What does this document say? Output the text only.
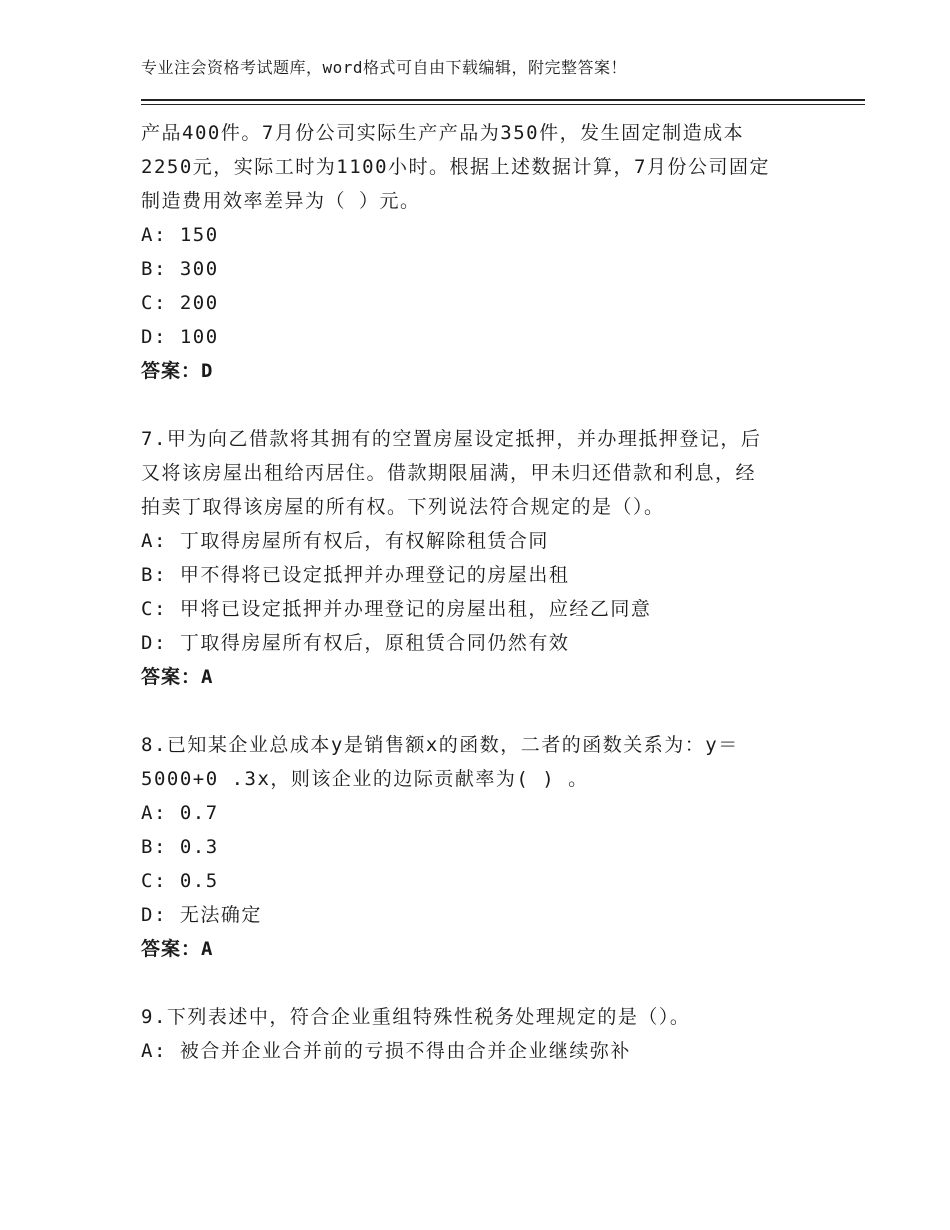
专业注会资格考试题库，word格式可自由下载编辑，附完整答案！
产品400件。7月份公司实际生产产品为350件，发生固定制造成本
2250元，实际工时为1100小时。根据上述数据计算，7月份公司固定
制造费用效率差异为（ ）元。
A: 150
B: 300
C: 200
D: 100
答案：D
7.甲为向乙借款将其拥有的空置房屋设定抵押，并办理抵押登记，后
又将该房屋出租给丙居住。借款期限届满，甲未归还借款和利息，经
拍卖丁取得该房屋的所有权。下列说法符合规定的是（）。
A: 丁取得房屋所有权后，有权解除租赁合同
B: 甲不得将已设定抵押并办理登记的房屋出租
C: 甲将已设定抵押并办理登记的房屋出租，应经乙同意
D: 丁取得房屋所有权后，原租赁合同仍然有效
答案：A
8.已知某企业总成本y是销售额x的函数，二者的函数关系为：y＝
5000+0 .3x，则该企业的边际贡献率为( ) 。
A: 0.7
B: 0.3
C: 0.5
D: 无法确定
答案：A
9.下列表述中，符合企业重组特殊性税务处理规定的是（）。
A: 被合并企业合并前的亏损不得由合并企业继续弥补
